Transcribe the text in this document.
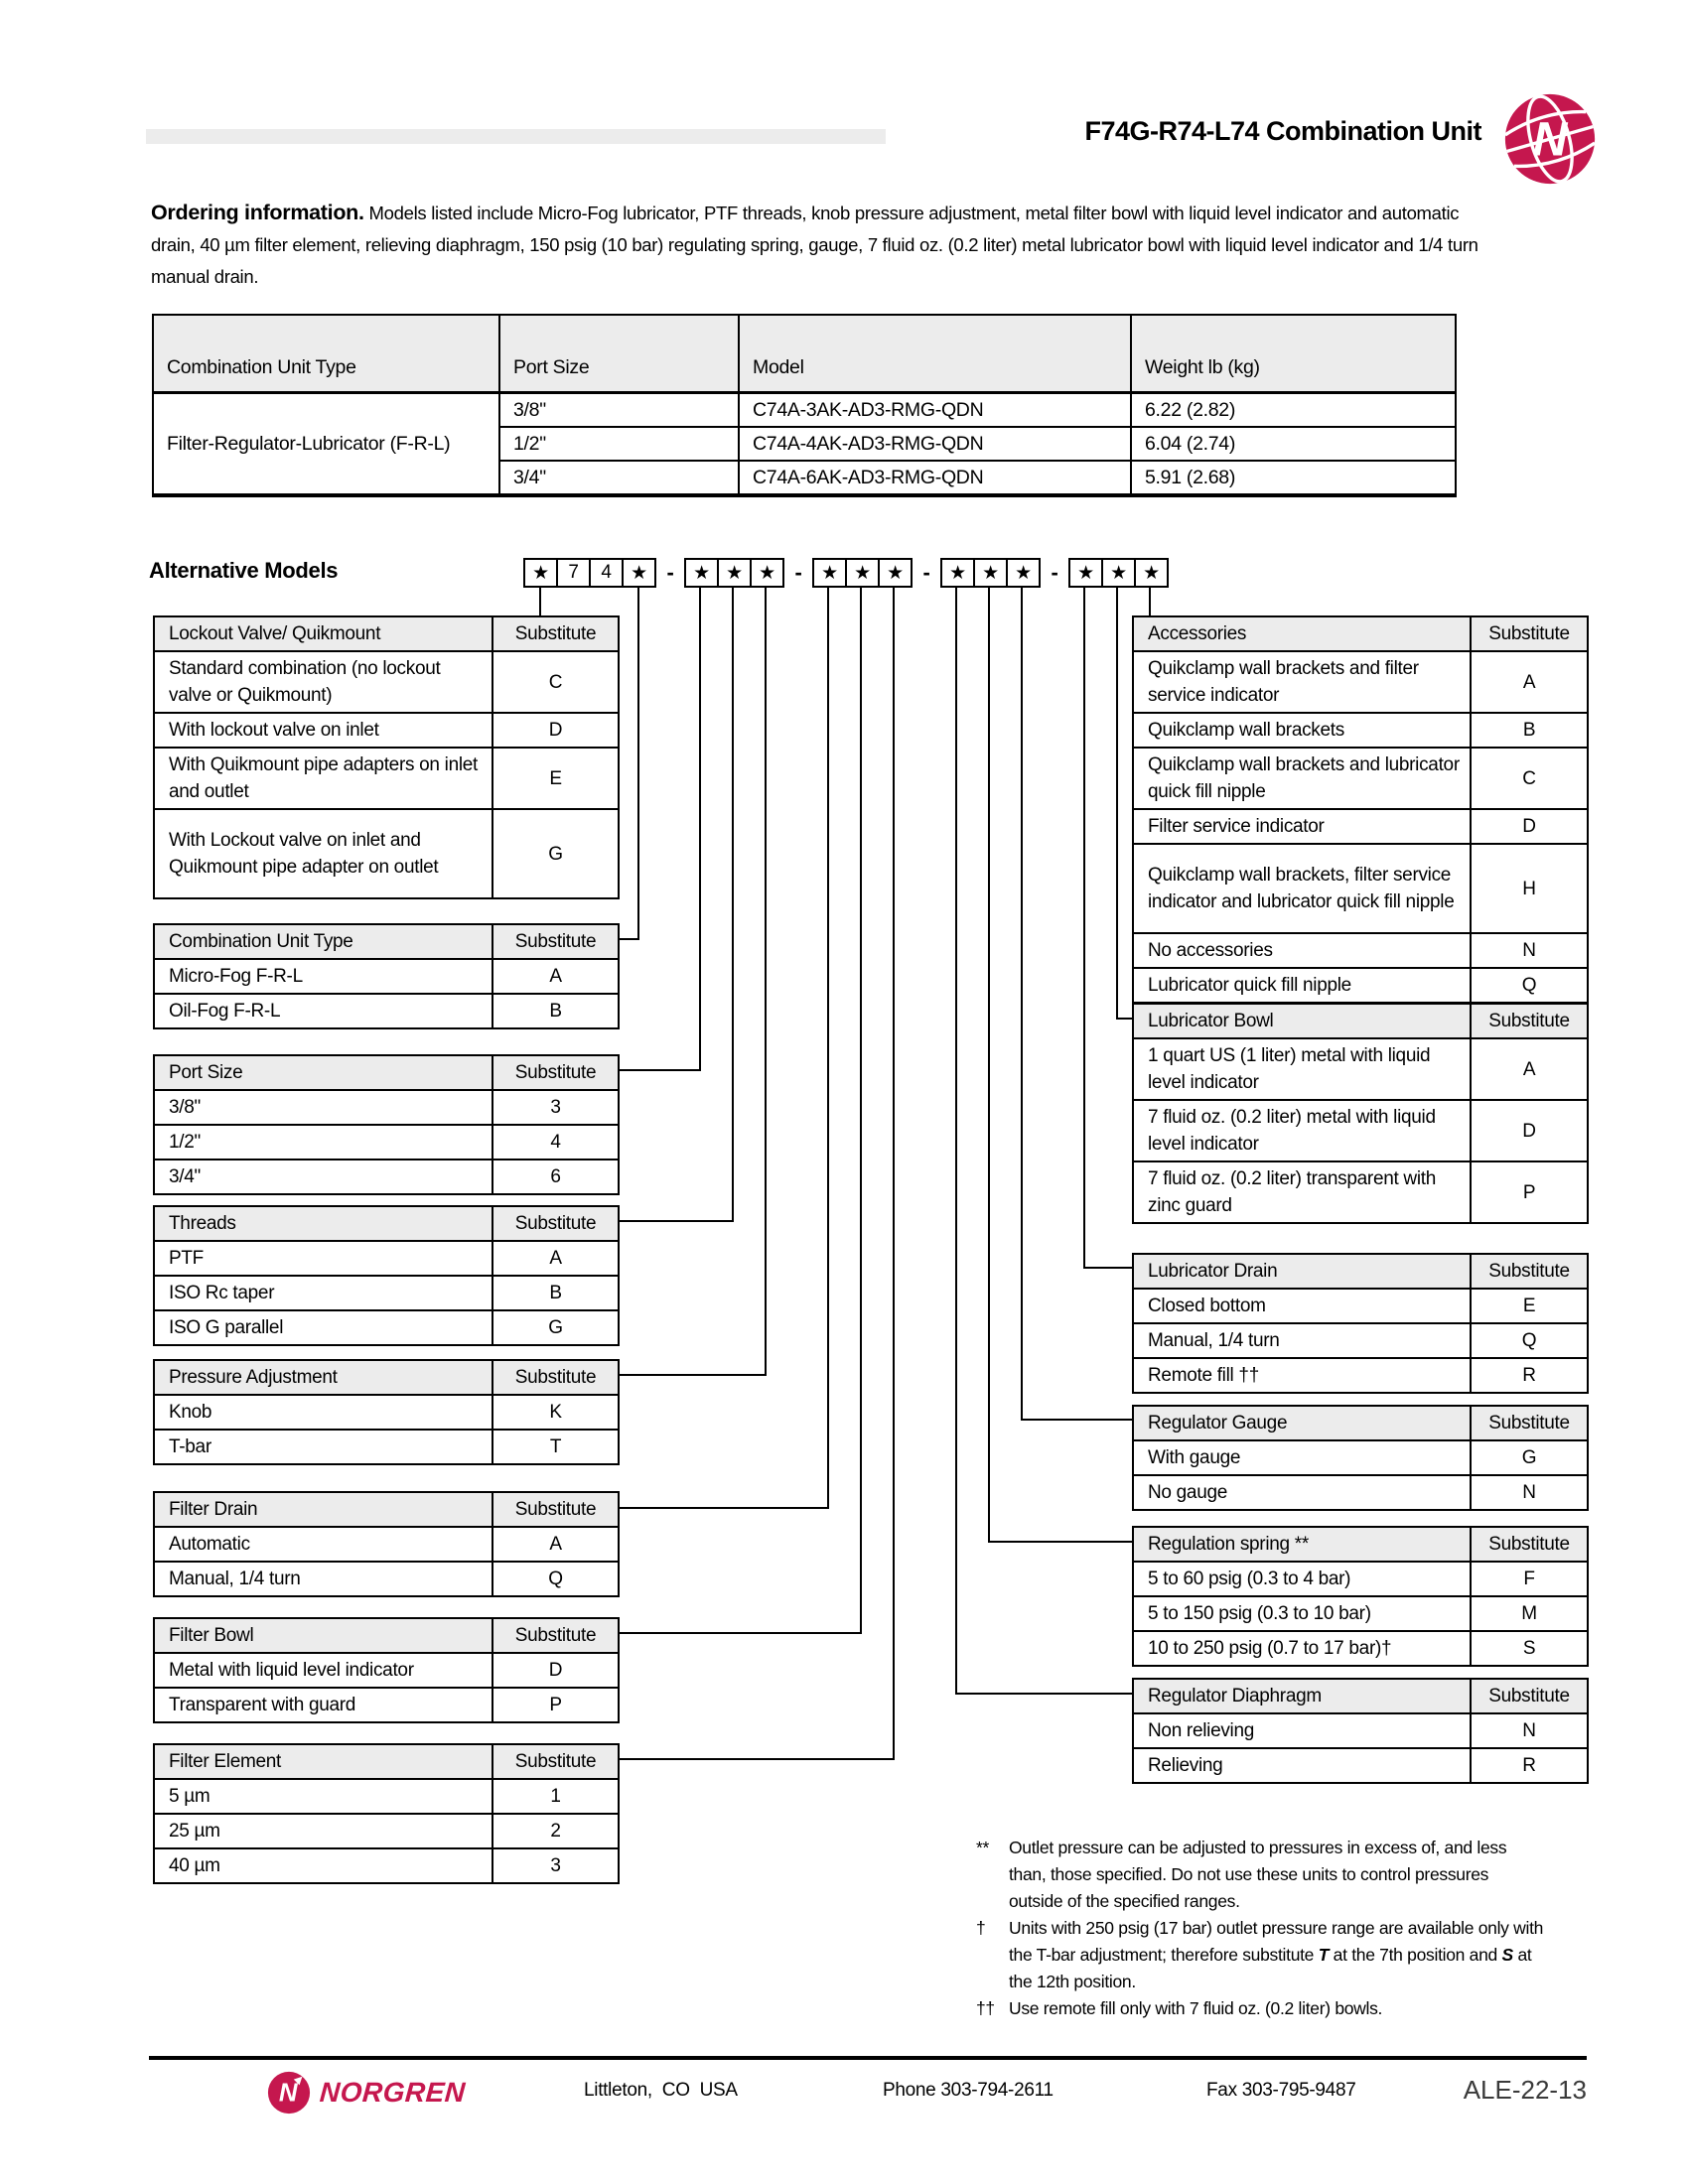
F74G-R74-L74 Combination Unit N
Ordering information. Models listed include Micro-Fog lubricator, PTF threads, knob pressure adjustment, metal filter bowl with liquid level indicator and automatic drain, 40 µm filter element, relieving diaphragm, 150 psig (10 bar) regulating spring, gauge, 7 fluid oz. (0.2 liter) metal lubricator bowl with liquid level indicator and 1/4 turn manual drain.
Combination Unit Type	Port Size	Model	Weight lb (kg)
Filter-Regulator-Lubricator (F-R-L)	3/8"	C74A-3AK-AD3-RMG-QDN	6.22 (2.82)
	1/2"	C74A-4AK-AD3-RMG-QDN	6.04 (2.74)
	3/4"	C74A-6AK-AD3-RMG-QDN	5.91 (2.68)
Alternative Models	★	7	4	★ -	★ ★ ★ -	★ ★ ★ -	★ ★ ★ -	★ ★ ★
Lockout Valve/ Quikmount	Substitute
Standard combination (no lockout valve or Quikmount)	C
With lockout valve on inlet	D
With Quikmount pipe adapters on inlet and outlet	E
With Lockout valve on inlet and Quikmount pipe adapter on outlet	G
Combination Unit Type	Substitute
Micro-Fog F-R-L	A
Oil-Fog F-R-L	B
Port Size	Substitute
3/8"	3
1/2"	4
3/4"	6
Threads	Substitute
PTF	A
ISO Rc taper	B
ISO G parallel	G
Pressure Adjustment	Substitute
Knob	K
T-bar	T
Filter Drain	Substitute
Automatic	A
Manual, 1/4 turn	Q
Filter Bowl	Substitute
Metal with liquid level indicator	D
Transparent with guard	P
Filter Element	Substitute
5 µm	1
25 µm	2
40 µm	3
Accessories	Substitute
Quikclamp wall brackets and filter service indicator	A
Quikclamp wall brackets	B
Quikclamp wall brackets and lubricator quick fill nipple	C
Filter service indicator	D
Quikclamp wall brackets, filter service indicator and lubricator quick fill nipple	H
No accessories	N
Lubricator quick fill nipple	Q
Lubricator Bowl	Substitute
1 quart US (1 liter) metal with liquid level indicator	A
7 fluid oz. (0.2 liter) metal with liquid level indicator	D
7 fluid oz. (0.2 liter) transparent with zinc guard	P
Lubricator Drain	Substitute
Closed bottom	E
Manual, 1/4 turn	Q
Remote fill ††	R
Regulator Gauge	Substitute
With gauge	G
No gauge	N
Regulation spring **	Substitute
5 to 60 psig (0.3 to 4 bar)	F
5 to 150 psig (0.3 to 10 bar)	M
10 to 250 psig (0.7 to 17 bar)†	S
Regulator Diaphragm	Substitute
Non relieving	N
Relieving	R
**	Outlet pressure can be adjusted to pressures in excess of, and less than, those specified. Do not use these units to control pressures outside of the specified ranges.
†	Units with 250 psig (17 bar) outlet pressure range are available only with the T-bar adjustment; therefore substitute T at the 7th position and S at the 12th position.
†† Use remote fill only with 7 fluid oz. (0.2 liter) bowls.
N NORGREN	Littleton,  CO  USA	Phone 303-794-2611	Fax 303-795-9487	ALE-22-13
